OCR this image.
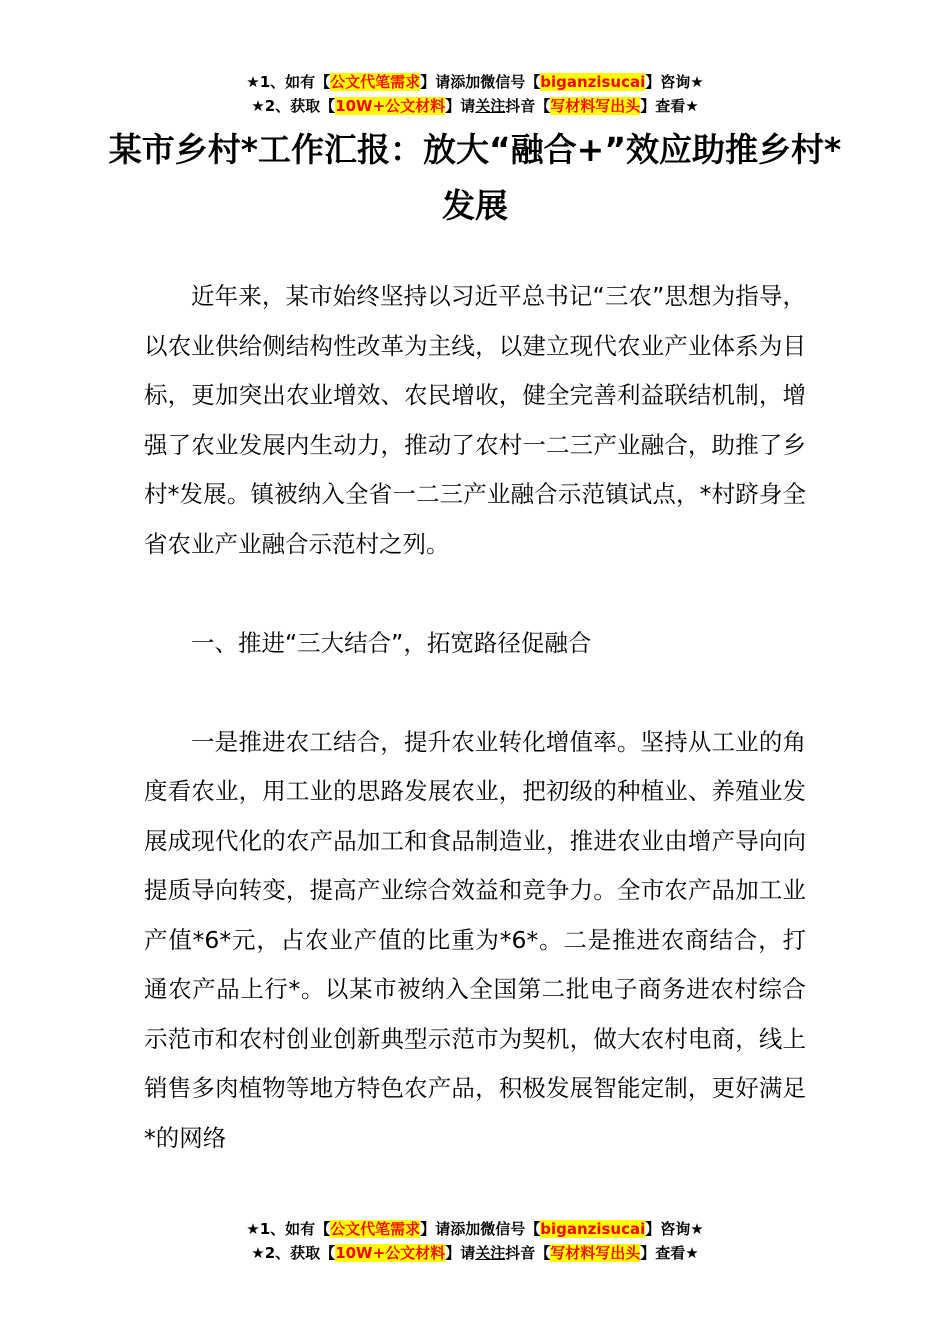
★1、如有【公文代笔需求】请添加微信号【biganzisucai】咨询★
★2、获取【10W+公文材料】请关注抖音【写材料写出头】查看★
某市乡村*工作汇报：放大“融合+”效应助推乡村*发展

近年来，某市始终坚持以习近平总书记“三农”思想为指导，以农业供给侧结构性改革为主线，以建立现代农业产业体系为目标，更加突出农业增效、农民增收，健全完善利益联结机制，增强了农业发展内生动力，推动了农村一二三产业融合，助推了乡村*发展。镇被纳入全省一二三产业融合示范镇试点，*村跻身全省农业产业融合示范村之列。

一、推进“三大结合”，拓宽路径促融合

一是推进农工结合，提升农业转化增值率。坚持从工业的角度看农业，用工业的思路发展农业，把初级的种植业、养殖业发展成现代化的农产品加工和食品制造业，推进农业由增产导向向提质导向转变，提高产业综合效益和竞争力。全市农产品加工业产值*6*元，占农业产值的比重为*6*。二是推进农商结合，打通农产品上行*。以某市被纳入全国第二批电子商务进农村综合示范市和农村创业创新典型示范市为契机，做大农村电商，线上销售多肉植物等地方特色农产品，积极发展智能定制，更好满足*的网络

★1、如有【公文代笔需求】请添加微信号【biganzisucai】咨询★
★2、获取【10W+公文材料】请关注抖音【写材料写出头】查看★
